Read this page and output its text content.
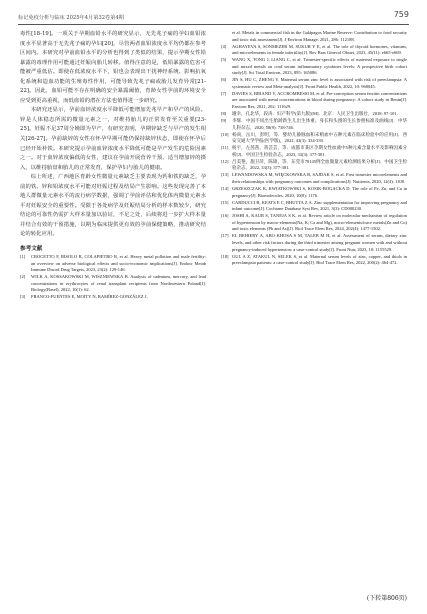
标记免疫分析与临床 2025年4月第32卷第4期	759

毒性[18-19]。一项关于孕期血铅水平的研究显示，无先兆子痫的孕妇血铅浓度水平显著高于无先兆子痫的孕妇[20]，尽管两者血铅浓度水平均仍都在参考区间内。本研究对孕前血铅水平的分析也得到了类似的结果，提示孕期女性铅暴露的毒理作用可能通过妊娠向胎儿转移。值得注意的是，低铅暴露的危害可能被严重低估。即使在低浓度水平下，铅也会表现出干扰神经系统、影响抗氧化系统和造血功能的生殖毒性作用，可能导致先兆子痫或胎儿发育异常[21-22]。因此，血铅可能不存在明确的安全暴露阈值，育龄女性孕前的环境安全应受到更高重视，而低血铅的潜在方法也值得进一步研究。

本研究还显示，孕前血锌浓度水平降低可能增加先兆早产和早产的风险。锌是人体稳态所需的微量元素之一，对维持胎儿的正常发育至关重要[23-25]。妊娠不足37周分娩即为早产，有研究表明，孕期锌缺乏与早产的发生相关[26-27]。孕前缺锌的女性在怀孕早期可能仍保持缺锌状态，即使在怀孕后已经开始补铁。本研究提示孕前血锌浓度水平降低可能是早产发生的危险因素之一。对于血锌浓度偏低的女性，建议在孕前开展营养干预、适当增加锌的摄入，以维持胎盘和胎儿的正常发育，保护孕妇与胎儿的健康。

综上所述，广西地区育龄女性微量元素缺乏主要表现为钙和铁的缺乏，孕前的铁、锌和铅浓度水平可能对妊娠过程及结局产生影响。这些发现完善了本地人群微量元素水平的流行病学数据，强调了孕前评估和优化体内微量元素水平对妊娠安全的重要性。受限于各处病学及妊娠结局分析的样本数较少，研究结论的可靠性仍需扩大样本量加以验证，不足之处，后续将进一步扩大样本量并结合有效的干预措施，以期为临床提供更有效的孕前保健策略，推动研究结论的转化应用。

参考文献

[1] CROCETTO F, RISOLO R, COLAPIETRO R, et al. Heavy metal pollution and male fertility: an overview on adverse biological effects and socio-economic implications[J]. Endocr Metab Immune Disord Drug Targets, 2023, 23(2): 129-146.

[2] WILK A, KOSSAKOWSKI M, WISZNIEWSKA B. Analysis of cadmium, mercury, and lead concentrations in erythrocytes of renal transplant recipients from Northwestern Poland[J]. Biology(Basel), 2022, 10(1): 62.

[3] FRANCO-FUENTES E, MOITY N, RAMÍREZ-GONZÁLEZ J,

et al. Metals in commercial fish in the Galápagos Marine Reserve: Contribution to food security and toxic risk assessment[J]. J Environ Manage, 2021, 286: 112188.

[4] AGHAYEVA S, SONMEZER M, SUKUR Y E, et al. The role of thyroid hormones, vitamins, and microelements in female infertility[J]. Rev Bras Ginecol Obstet, 2023, 45(11): e665-e669.

[5] WANG X, TONG J, LIANG C, et al. Trimester-specific effects of maternal exposure to single and mixed metals on cord serum inflammatory cytokines levels: A prospective birth cohort study[J]. Sci Total Environ, 2023, 895: 165086.

[6] JIN S, HU C, ZHENG Y. Maternal serum zinc level is associated with risk of preeclampsia: A systematic review and Meta-analysis[J]. Front Public Health, 2022, 10: 968045.

[7] DAVIES S, BRIAND V, ACCROMBESSI M, et al. Pre-conception serum ferritin concentrations are associated with metal concentrations in blood during pregnancy: A cohort study in Benin[J]. Environ Res, 2021, 202: 111629.

[8] 谢幸，孔北华，段涛．妇产科学(第九版)[M]．北京：人民卫生出版社，2018: 97-101.

[9] 李辉．中国不同出生胎龄新生儿出生体重、身长和头围的生长参照标准及曲线[J]．中华儿科杂志，2020, 58(9): 738-746.

[10] 杨尚，岳川，彭明，等．婴幼儿静脉血和末梢血中五种元素在临床检验中的应用[J]．西安交通大学学报(医学版)，2022, 43(3): 334-339.

[11] 杨宇，左茜茜，蒋芸芸，等．成都市某区孕期女性血液中5种元素含量水平及影响因素分析[J]．中国卫生检验杂志，2023, 33(3): 377-381.

[12] 吕美艳，施卫萍，陈锦，等．东莞市79145例全血微量元素检测结果分析[J]．中国卫生检验杂志，2022, 33(3): 377-381.

[13] LEWANDOWSKA M, WIĘCKOWSKA B, SAJDAK S, et al. First trimester microelements and their relationships with pregnancy outcomes and complications[J]. Nutrients, 2020, 12(4): 1108.

[14] GRZESZCZAK K, KWIATKOWSKI S, KOSIK-BOGACKA D. The role of Fe, Zn, and Cu in pregnancy[J]. Biomolecules, 2020, 10(8): 1176.

[15] CARDUCCI B, KEATS E C, BHUTTA Z A. Zinc supplementation for improving pregnancy and infant outcome[J]. Cochrane Database Syst Rev, 2021, 3(3): CD000230.

[16] JOSHI A, KAUR S, TANEJA S K, et al. Review article on molecular mechanism of regulation of hypertension by macro-elements(Na, K, Ca and Mg), micro-elements/trace metals(Zn and Cu) and toxic elements (Pb and As)[J]. Biol Trace Elem Res, 2024, 202(4): 1477-1502.

[17] EL BEHIERY A, ABO KHOSA S M, TALEB M H, et al. Assessment of serum, dietary zinc levels, and other risk factors during the third trimester among pregnant women with and without pregnancy-induced hypertension: a case-control study[J]. Front Nutr, 2023, 10: 1155529.

[18] GUL A Z, ATAKUL N, SELEK S, et al. Maternal serum levels of zinc, copper, and thiols in preeclampsia patients: a case-control study[J]. Biol Trace Elem Res, 2022, 200(2): 464-472.

(下转第806页)
